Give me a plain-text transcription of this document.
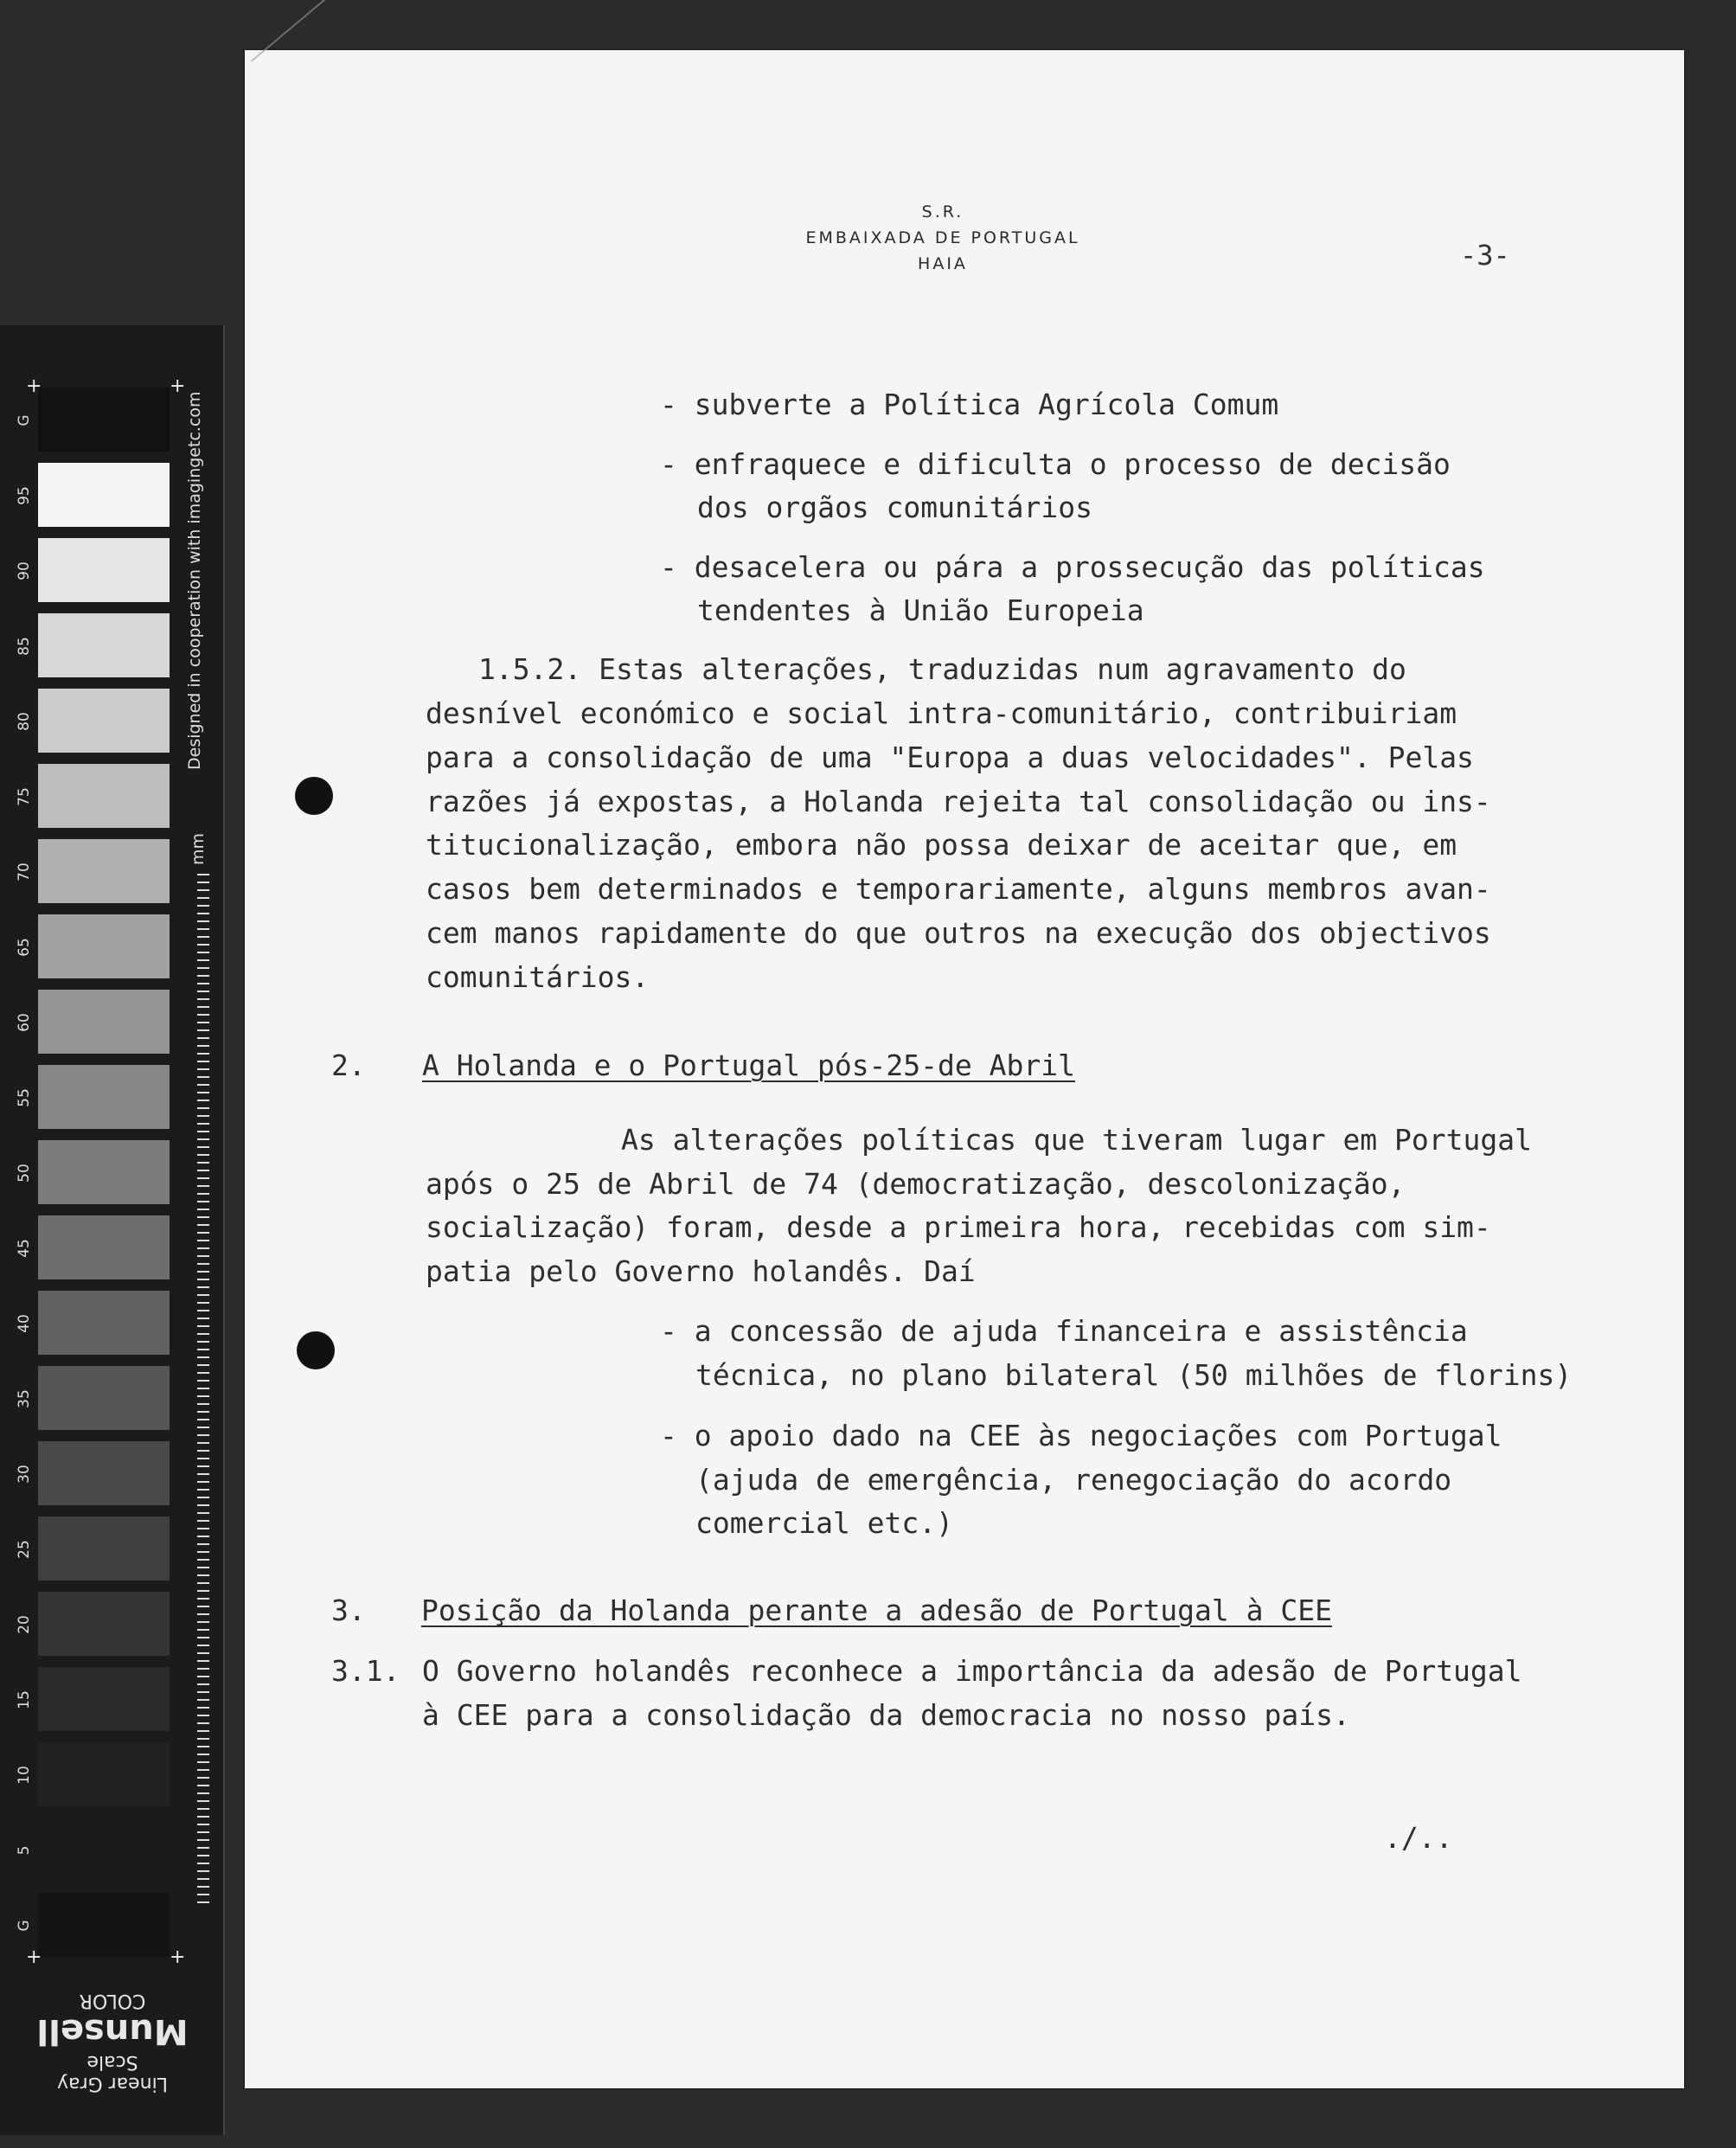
S.R.
EMBAIXADA DE PORTUGAL
HAIA	-3-
- subverte a Política Agrícola Comum
- enfraquece e dificulta o processo de decisão
dos orgãos comunitários
- desacelera ou pára a prossecução das políticas
tendentes à União Europeia
1.5.2. Estas alterações, traduzidas num agravamento do
desnível económico e social intra-comunitário, contribuiriam
para a consolidação de uma "Europa a duas velocidades". Pelas
razões já expostas, a Holanda rejeita tal consolidação ou ins-
titucionalização, embora não possa deixar de aceitar que, em
casos bem determinados e temporariamente, alguns membros avan-
cem manos rapidamente do que outros na execução dos objectivos
comunitários.
2. A Holanda e o Portugal pós-25-de Abril
As alterações políticas que tiveram lugar em Portugal
após o 25 de Abril de 74 (democratização, descolonização,
socialização) foram, desde a primeira hora, recebidas com sim-
patia pelo Governo holandês. Daí
- a concessão de ajuda financeira e assistência
técnica, no plano bilateral (50 milhões de florins)
- o apoio dado na CEE às negociações com Portugal
(ajuda de emergência, renegociação do acordo
comercial etc.)
3. Posição da Holanda perante a adesão de Portugal à CEE
3.1. O Governo holandês reconhece a importância da adesão de Portugal
à CEE para a consolidação da democracia no nosso país.
./..
G
95
90
85
80
75
70
65
60
55
50
45
40
35
30
25
20
15
10
5
G
Designed in cooperation with imagingetc.com
mm
+	+
+	+
Linear Gray Scale
Munsell
COLOR
